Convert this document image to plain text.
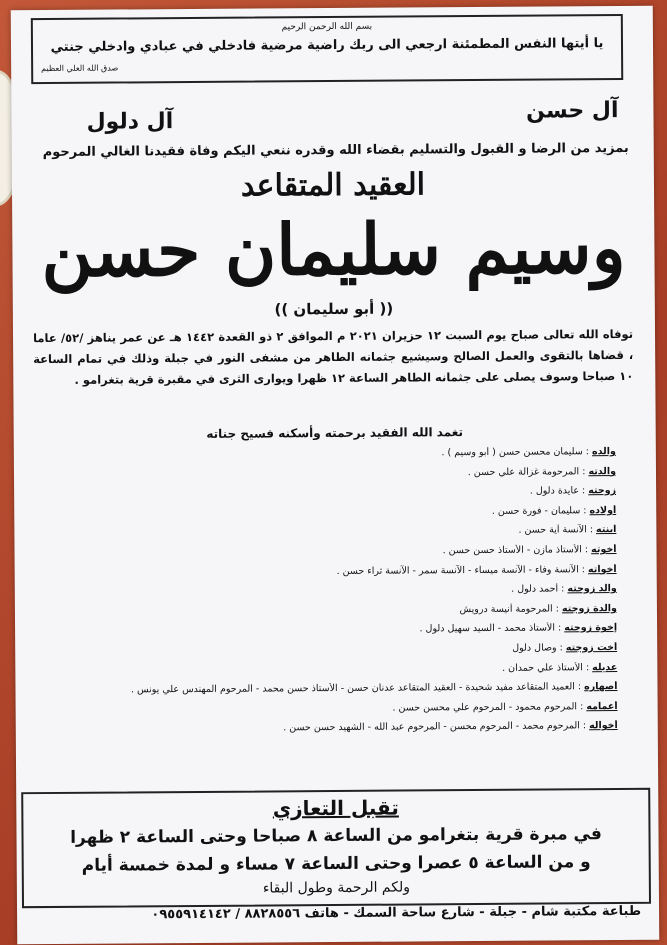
بسم الله الرحمن الرحيم
يا أيتها النفس المطمئنة ارجعي الى ربك راضية مرضية فادخلي في عبادي وادخلي جنتي
صدق الله العلي العظيم
آل حسن
آل دلول
بمزيد من الرضا و القبول والتسليم بقضاء الله وقدره ننعي اليكم وفاة فقيدنا الغالي المرحوم
العقيد المتقاعد
وسيم سليمان حسن
(( أبو سليمان ))
توفاه الله تعالى صباح يوم السبت ١٢ حزيران ٢٠٢١ م الموافق ٢ ذو القعدة ١٤٤٢ هـ عن عمر يناهز /٥٢/ عاما ، قضاها بالتقوى والعمل الصالح وسيشيع جثمانه الطاهر من مشفى النور في جبلة وذلك في تمام الساعة ١٠ صباحا وسوف يصلى على جثمانه الطاهر الساعة ١٢ ظهرا ويوارى الثرى في مقبرة قرية بتغرامو .
تغمد الله الفقيد برحمته وأسكنه فسيح جناته
والده : سليمان محسن حسن ( أبو وسيم ) .
والدته : المرحومة غزالة علي حسن .
زوجته : عايدة دلول .
أولاده : سليمان - فورة حسن .
ابنته : الآنسة آية حسن .
أخوته : الأستاذ مازن - الأستاذ حسن حسن .
أخواته : الآنسة وفاء - الآنسة ميساء - الآنسة سمر - الآنسة ثراء حسن .
والد زوجته : أحمد دلول .
والدة زوجته : المرحومة أنيسة درويش
إخوة زوجته : الأستاذ محمد - السيد سهيل دلول .
أخت زوجته : وصال دلول
عديله : الأستاذ علي حمدان .
أصهاره : العميد المتقاعد مفيد شحيدة - العقيد المتقاعد عدنان حسن - الأستاذ حسن محمد - المرحوم المهندس علي يونس .
أعمامه : المرحوم محمود - المرحوم علي محسن حسن .
أخواله : المرحوم محمد - المرحوم محسن - المرحوم عبد الله - الشهيد حسن حسن .
تقبل التعازي
في مبرة قرية بتغرامو من الساعة ٨ صباحا وحتى الساعة ٢ ظهرا
و من الساعة ٥ عصرا وحتى الساعة ٧ مساء و لمدة خمسة أيام
ولكم الرحمة وطول البقاء
طباعة مكتبة شام - جبلة - شارع ساحة السمك - هاتف ٨٨٢٨٥٥٦ / ٠٩٥٥٩١٤١٤٢
